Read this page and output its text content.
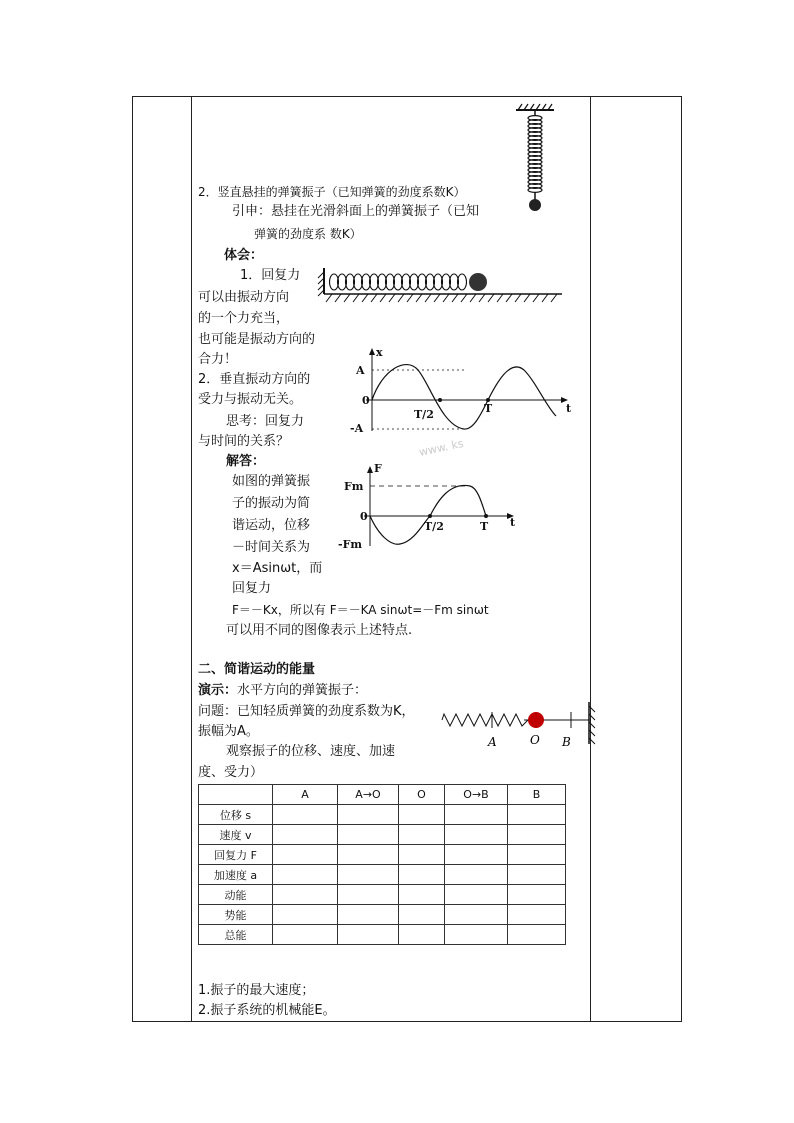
2．竖直悬挂的弹簧振子（已知弹簧的劲度系数K）
引申：悬挂在光滑斜面上的弹簧振子（已知
弹簧的劲度系 数K）
体会：
1．回复力
可以由振动方向
的一个力充当，
也可能是振动方向的
合力！
2．垂直振动方向的
受力与振动无关。
思考：回复力
与时间的关系？
解答：
如图的弹簧振
子的振动为简
谐运动，位移
－时间关系为
x＝Asinωt，而
回复力
F＝－Kx，所以有 F＝－KA sinωt=－Fm sinωt
可以用不同的图像表示上述特点.
x
t
A
-A
0
T/2	T
www. ks
F
t
Fm
-Fm
0
T/2	T
二、简谐运动的能量
演示：水平方向的弹簧振子：
问题：已知轻质弹簧的劲度系数为K，
振幅为A。
观察振子的位移、速度、加速
度、受力）
A	O B
	A	A→O	O	O→B	B
位移 s					
速度 v					
回复力 F					
加速度 a					
动能					
势能					
总能					
1.振子的最大速度；
2.振子系统的机械能E。
